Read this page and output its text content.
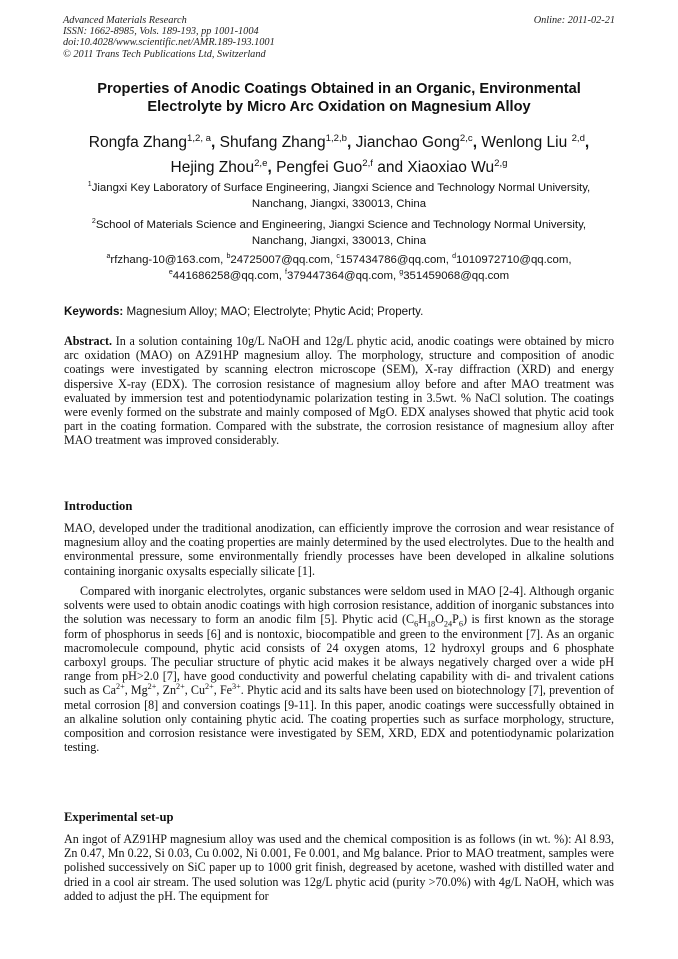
Advanced Materials Research
ISSN: 1662-8985, Vols. 189-193, pp 1001-1004
doi:10.4028/www.scientific.net/AMR.189-193.1001
© 2011 Trans Tech Publications Ltd, Switzerland
Online: 2011-02-21
Properties of Anodic Coatings Obtained in an Organic, Environmental
Electrolyte by Micro Arc Oxidation on Magnesium Alloy
Rongfa Zhang$^{1,2, a}$, Shufang Zhang$^{1,2,b}$, Jianchao Gong$^{2,c}$, Wenlong Liu $^{2,d}$,
Hejing Zhou$^{2,e}$, Pengfei Guo$^{2,f}$ and Xiaoxiao Wu$^{2,g}$
$^1$Jiangxi Key Laboratory of Surface Engineering, Jiangxi Science and Technology Normal University,
Nanchang, Jiangxi, 330013, China
$^2$School of Materials Science and Engineering, Jiangxi Science and Technology Normal University,
Nanchang, Jiangxi, 330013, China
$^a$rfzhang-10@163.com, $^b$24725007@qq.com, $^c$157434786@qq.com, $^d$1010972710@qq.com,
$^e$441686258@qq.com, $^f$379447364@qq.com, $^g$351459068@qq.com
Keywords: Magnesium Alloy; MAO; Electrolyte; Phytic Acid; Property.

Abstract. In a solution containing 10g/L NaOH and 12g/L phytic acid, anodic coatings were obtained by micro arc oxidation (MAO) on AZ91HP magnesium alloy. The morphology, structure and composition of anodic coatings were investigated by scanning electron microscope (SEM), X-ray diffraction (XRD) and energy dispersive X-ray (EDX). The corrosion resistance of magnesium alloy before and after MAO treatment was evaluated by immersion test and potentiodynamic polarization testing in 3.5wt. % NaCl solution. The coatings were evenly formed on the substrate and mainly composed of MgO. EDX analyses showed that phytic acid took part in the coating formation. Compared with the substrate, the corrosion resistance of magnesium alloy after MAO treatment was improved considerably.

Introduction

MAO, developed under the traditional anodization, can efficiently improve the corrosion and wear resistance of magnesium alloy and the coating properties are mainly determined by the used electrolytes. Due to the health and environmental pressure, some environmentally friendly processes have been developed in alkaline solutions containing inorganic oxysalts especially silicate [1].

Compared with inorganic electrolytes, organic substances were seldom used in MAO [2-4]. Although organic solvents were used to obtain anodic coatings with high corrosion resistance, addition of inorganic substances into the solution was necessary to form an anodic film [5]. Phytic acid $(C_6H_{18}O_{24}P_6)$ is first known as the storage form of phosphorus in seeds [6] and is nontoxic, biocompatible and green to the environment [7]. As an organic macromolecule compound, phytic acid consists of 24 oxygen atoms, 12 hydroxyl groups and 6 phosphate carboxyl groups. The peculiar structure of phytic acid makes it be always negatively charged over a wide pH range from pH>2.0 [7], have good conductivity and powerful chelating capability with di- and trivalent cations such as $Ca^{2+}$, $Mg^{2+}$, $Zn^{2+}$, $Cu^{2+}$, $Fe^{3+}$. Phytic acid and its salts have been used on biotechnology [7], prevention of metal corrosion [8] and conversion coatings [9-11]. In this paper, anodic coatings were successfully obtained in an alkaline solution only containing phytic acid. The coating properties such as surface morphology, structure, composition and corrosion resistance were investigated by SEM, XRD, EDX and potentiodynamic polarization testing.

Experimental set-up

An ingot of AZ91HP magnesium alloy was used and the chemical composition is as follows (in wt. %): Al 8.93, Zn 0.47, Mn 0.22, Si 0.03, Cu 0.002, Ni 0.001, Fe 0.001, and Mg balance. Prior to MAO treatment, samples were polished successively on SiC paper up to 1000 grit finish, degreased by acetone, washed with distilled water and dried in a cool air stream. The used solution was 12g/L phytic acid (purity >70.0%) with 4g/L NaOH, which was added to adjust the pH. The equipment for
